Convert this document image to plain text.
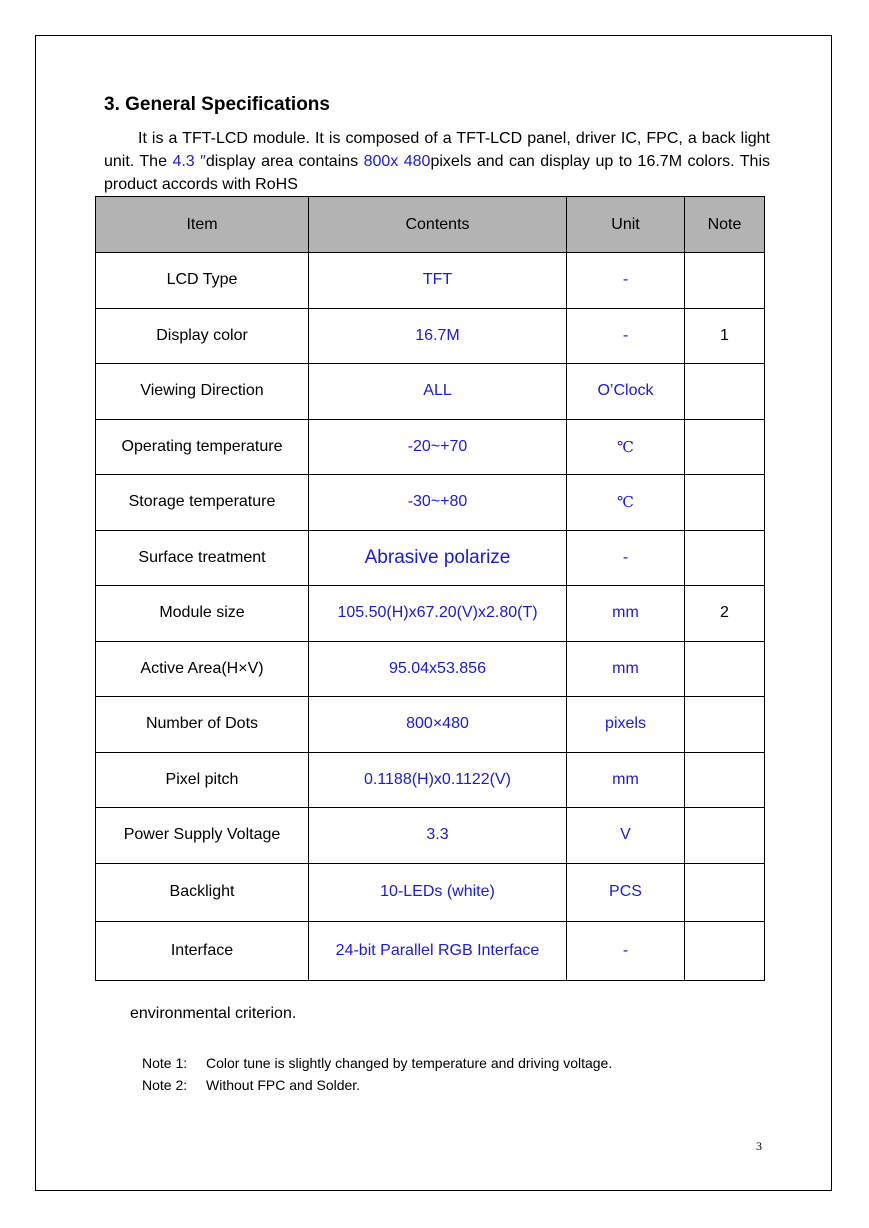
3. General Specifications

It is a TFT-LCD module. It is composed of a TFT-LCD panel, driver IC, FPC, a back light unit. The 4.3 ″display area contains 800x 480pixels and can display up to 16.7M colors. This product accords with RoHS

Item	Contents	Unit	Note
LCD Type	TFT	-	
Display color	16.7M	-	1
Viewing Direction	ALL	O’Clock	
Operating temperature	-20~+70	℃	
Storage temperature	-30~+80	℃	
Surface treatment	Abrasive polarize	-	
Module size	105.50(H)x67.20(V)x2.80(T)	mm	2
Active Area(H×V)	95.04x53.856	mm	
Number of Dots	800×480	pixels	
Pixel pitch	0.1188(H)x0.1122(V)	mm	
Power Supply Voltage	3.3	V	
Backlight	10-LEDs (white)	PCS	
Interface	24-bit Parallel RGB Interface	-	

environmental criterion.

Note 1: Color tune is slightly changed by temperature and driving voltage.
Note 2: Without FPC and Solder.

3
